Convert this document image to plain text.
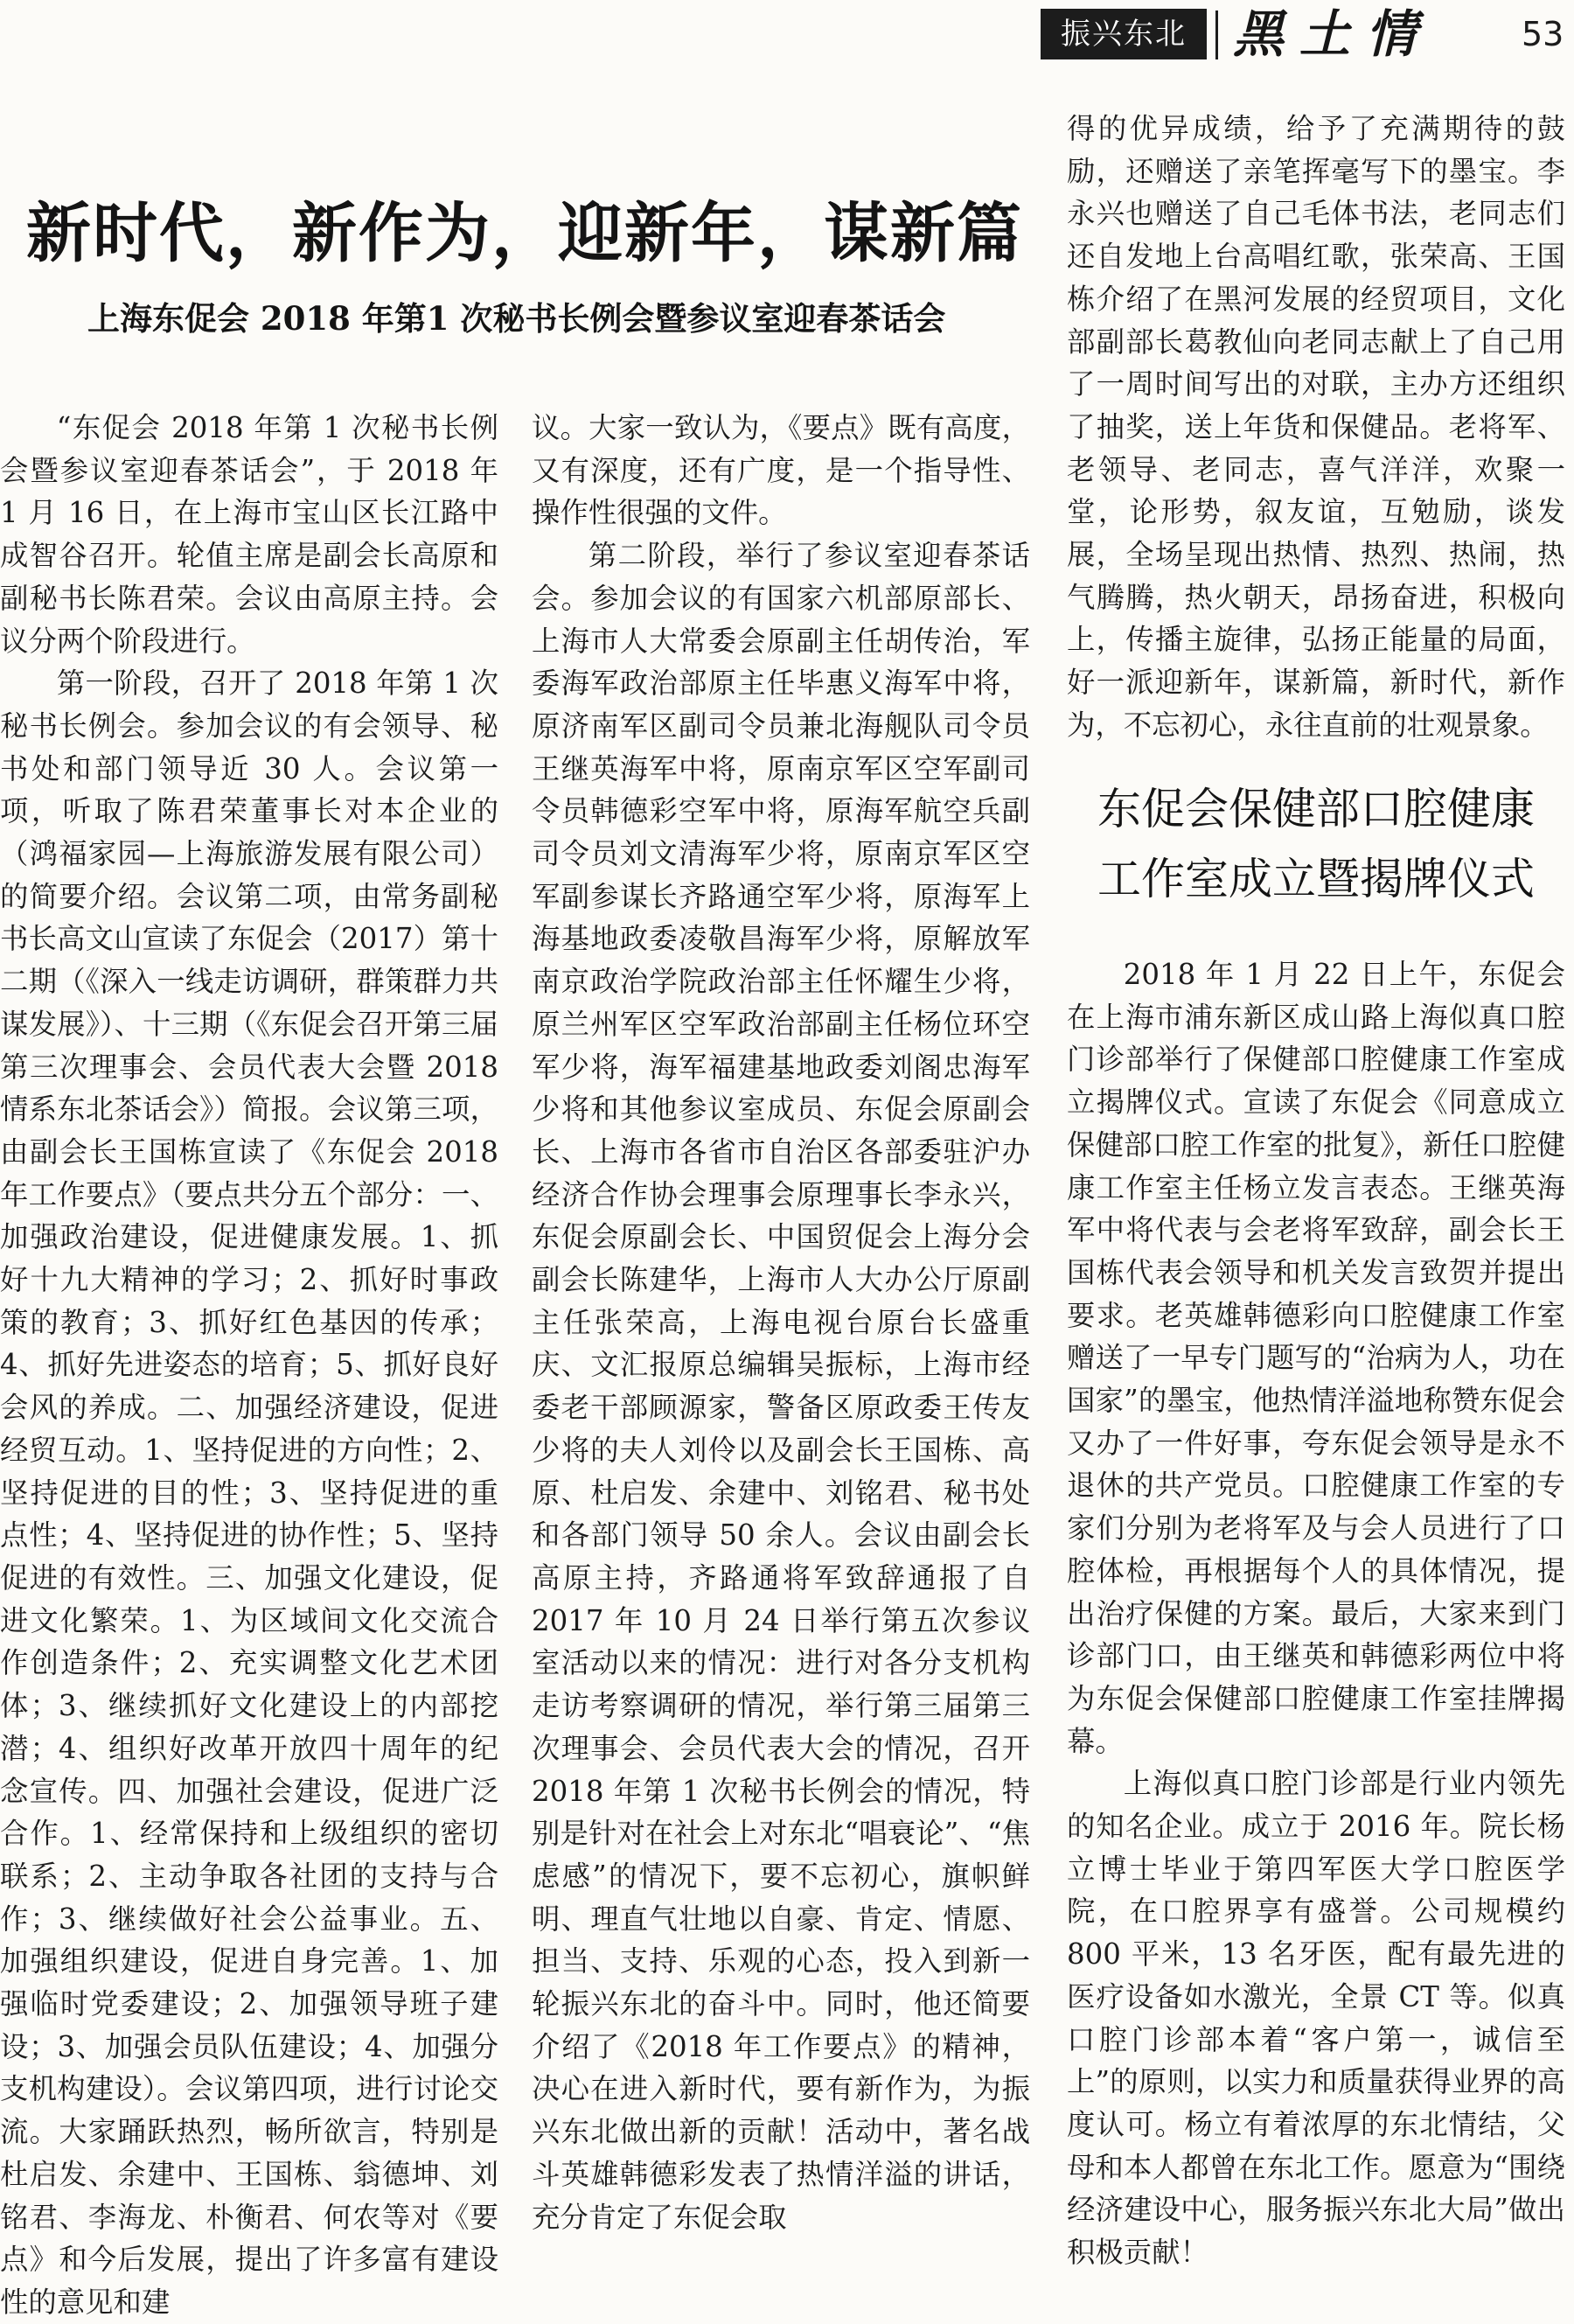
振兴东北 黑土情	53
新时代，新作为，迎新年，谋新篇
上海东促会 2018 年第1 次秘书长例会暨参议室迎春茶话会

“东促会 2018 年第 1 次秘书长例会暨参议室迎春茶话会”，于 2018 年 1 月 16 日，在上海市宝山区长江路中成智谷召开。轮值主席是副会长高原和副秘书长陈君荣。会议由高原主持。会议分两个阶段进行。

第一阶段，召开了 2018 年第 1 次秘书长例会。参加会议的有会领导、秘书处和部门领导近 30 人。会议第一项，听取了陈君荣董事长对本企业的（鸿福家园—上海旅游发展有限公司）的简要介绍。会议第二项，由常务副秘书长高文山宣读了东促会（2017）第十二期（《深入一线走访调研，群策群力共谋发展》）、十三期（《东促会召开第三届第三次理事会、会员代表大会暨 2018 情系东北茶话会》）简报。会议第三项，由副会长王国栋宣读了《东促会 2018 年工作要点》（要点共分五个部分：一、加强政治建设，促进健康发展。1、抓好十九大精神的学习；2、抓好时事政策的教育；3、抓好红色基因的传承；4、抓好先进姿态的培育；5、抓好良好会风的养成。二、加强经济建设，促进经贸互动。1、坚持促进的方向性；2、坚持促进的目的性；3、坚持促进的重点性；4、坚持促进的协作性；5、坚持促进的有效性。三、加强文化建设，促进文化繁荣。1、为区域间文化交流合作创造条件；2、充实调整文化艺术团体；3、继续抓好文化建设上的内部挖潜；4、组织好改革开放四十周年的纪念宣传。四、加强社会建设，促进广泛合作。1、经常保持和上级组织的密切联系；2、主动争取各社团的支持与合作；3、继续做好社会公益事业。五、加强组织建设，促进自身完善。1、加强临时党委建设；2、加强领导班子建设；3、加强会员队伍建设；4、加强分支机构建设）。会议第四项，进行讨论交流。大家踊跃热烈，畅所欲言，特别是杜启发、余建中、王国栋、翁德坤、刘铭君、李海龙、朴衡君、何农等对《要点》和今后发展，提出了许多富有建设性的意见和建

议。大家一致认为，《要点》既有高度，又有深度，还有广度，是一个指导性、操作性很强的文件。

第二阶段，举行了参议室迎春茶话会。参加会议的有国家六机部原部长、上海市人大常委会原副主任胡传治，军委海军政治部原主任毕惠义海军中将，原济南军区副司令员兼北海舰队司令员王继英海军中将，原南京军区空军副司令员韩德彩空军中将，原海军航空兵副司令员刘文清海军少将，原南京军区空军副参谋长齐路通空军少将，原海军上海基地政委凌敬昌海军少将，原解放军南京政治学院政治部主任怀耀生少将，原兰州军区空军政治部副主任杨位环空军少将，海军福建基地政委刘阁忠海军少将和其他参议室成员、东促会原副会长、上海市各省市自治区各部委驻沪办经济合作协会理事会原理事长李永兴，东促会原副会长、中国贸促会上海分会副会长陈建华，上海市人大办公厅原副主任张荣高，上海电视台原台长盛重庆、文汇报原总编辑吴振标，上海市经委老干部顾源家，警备区原政委王传友少将的夫人刘伶以及副会长王国栋、高原、杜启发、余建中、刘铭君、秘书处和各部门领导 50 余人。会议由副会长高原主持，齐路通将军致辞通报了自 2017 年 10 月 24 日举行第五次参议室活动以来的情况：进行对各分支机构走访考察调研的情况，举行第三届第三次理事会、会员代表大会的情况，召开 2018 年第 1 次秘书长例会的情况，特别是针对在社会上对东北“唱衰论”、“焦虑感”的情况下，要不忘初心，旗帜鲜明、理直气壮地以自豪、肯定、情愿、担当、支持、乐观的心态，投入到新一轮振兴东北的奋斗中。同时，他还简要介绍了《2018 年工作要点》的精神，决心在进入新时代，要有新作为，为振兴东北做出新的贡献！活动中，著名战斗英雄韩德彩发表了热情洋溢的讲话，充分肯定了东促会取

得的优异成绩，给予了充满期待的鼓励，还赠送了亲笔挥毫写下的墨宝。李永兴也赠送了自己毛体书法，老同志们还自发地上台高唱红歌，张荣高、王国栋介绍了在黑河发展的经贸项目，文化部副部长葛教仙向老同志献上了自己用了一周时间写出的对联，主办方还组织了抽奖，送上年货和保健品。老将军、老领导、老同志，喜气洋洋，欢聚一堂，论形势，叙友谊，互勉励，谈发展，全场呈现出热情、热烈、热闹，热气腾腾，热火朝天，昂扬奋进，积极向上，传播主旋律，弘扬正能量的局面，好一派迎新年，谋新篇，新时代，新作为，不忘初心，永往直前的壮观景象。

东促会保健部口腔健康
工作室成立暨揭牌仪式

2018 年 1 月 22 日上午，东促会在上海市浦东新区成山路上海似真口腔门诊部举行了保健部口腔健康工作室成立揭牌仪式。宣读了东促会《同意成立保健部口腔工作室的批复》，新任口腔健康工作室主任杨立发言表态。王继英海军中将代表与会老将军致辞，副会长王国栋代表会领导和机关发言致贺并提出要求。老英雄韩德彩向口腔健康工作室赠送了一早专门题写的“治病为人，功在国家”的墨宝，他热情洋溢地称赞东促会又办了一件好事，夸东促会领导是永不退休的共产党员。口腔健康工作室的专家们分别为老将军及与会人员进行了口腔体检，再根据每个人的具体情况，提出治疗保健的方案。最后，大家来到门诊部门口，由王继英和韩德彩两位中将为东促会保健部口腔健康工作室挂牌揭幕。

上海似真口腔门诊部是行业内领先的知名企业。成立于 2016 年。院长杨立博士毕业于第四军医大学口腔医学院，在口腔界享有盛誉。公司规模约 800 平米，13 名牙医，配有最先进的医疗设备如水激光，全景 CT 等。似真口腔门诊部本着“客户第一，诚信至上”的原则，以实力和质量获得业界的高度认可。杨立有着浓厚的东北情结，父母和本人都曾在东北工作。愿意为“围绕经济建设中心，服务振兴东北大局”做出积极贡献！
